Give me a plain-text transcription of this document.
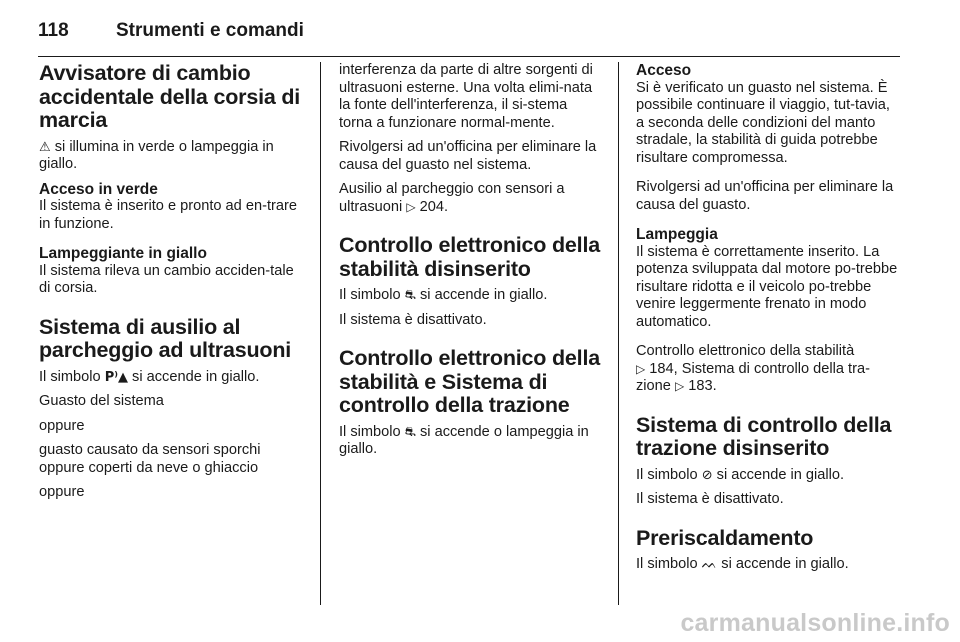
118 Strumenti e comandi
Avvisatore di cambio accidentale della corsia di marcia

⚠ si illumina in verde o lampeggia in giallo.

Acceso in verde
Il sistema è inserito e pronto ad en-trare in funzione.
Lampeggiante in giallo
Il sistema rileva un cambio acciden-tale di corsia.
Sistema di ausilio al parcheggio ad ultrasuoni

Il simbolo P⁾▲ si accende in giallo.

Guasto del sistema

oppure

guasto causato da sensori sporchi oppure coperti da neve o ghiaccio

oppure

interferenza da parte di altre sorgenti di ultrasuoni esterne. Una volta elimi-nata la fonte dell'interferenza, il si-stema torna a funzionare normal-mente.

Rivolgersi ad un'officina per eliminare la causa del guasto nel sistema.

Ausilio al parcheggio con sensori a ultrasuoni ▷ 204.

Controllo elettronico della stabilità disinserito

Il simbolo ⛐ si accende in giallo.

Il sistema è disattivato.

Controllo elettronico della stabilità e Sistema di controllo della trazione

Il simbolo ⛐ si accende o lampeggia in giallo.

Acceso
Si è verificato un guasto nel sistema. È possibile continuare il viaggio, tut-tavia, a seconda delle condizioni del manto stradale, la stabilità di guida potrebbe risultare compromessa.

Rivolgersi ad un'officina per eliminare la causa del guasto.

Lampeggia
Il sistema è correttamente inserito. La potenza sviluppata dal motore po-trebbe risultare ridotta e il veicolo po-trebbe venire leggermente frenato in modo automatico.

Controllo elettronico della stabilità
▷ 184, Sistema di controllo della tra-zione ▷ 183.

Sistema di controllo della trazione disinserito

Il simbolo ⊘ si accende in giallo.

Il sistema è disattivato.

Preriscaldamento

Il simbolo ᨓ si accende in giallo.

carmanualsonline.info
